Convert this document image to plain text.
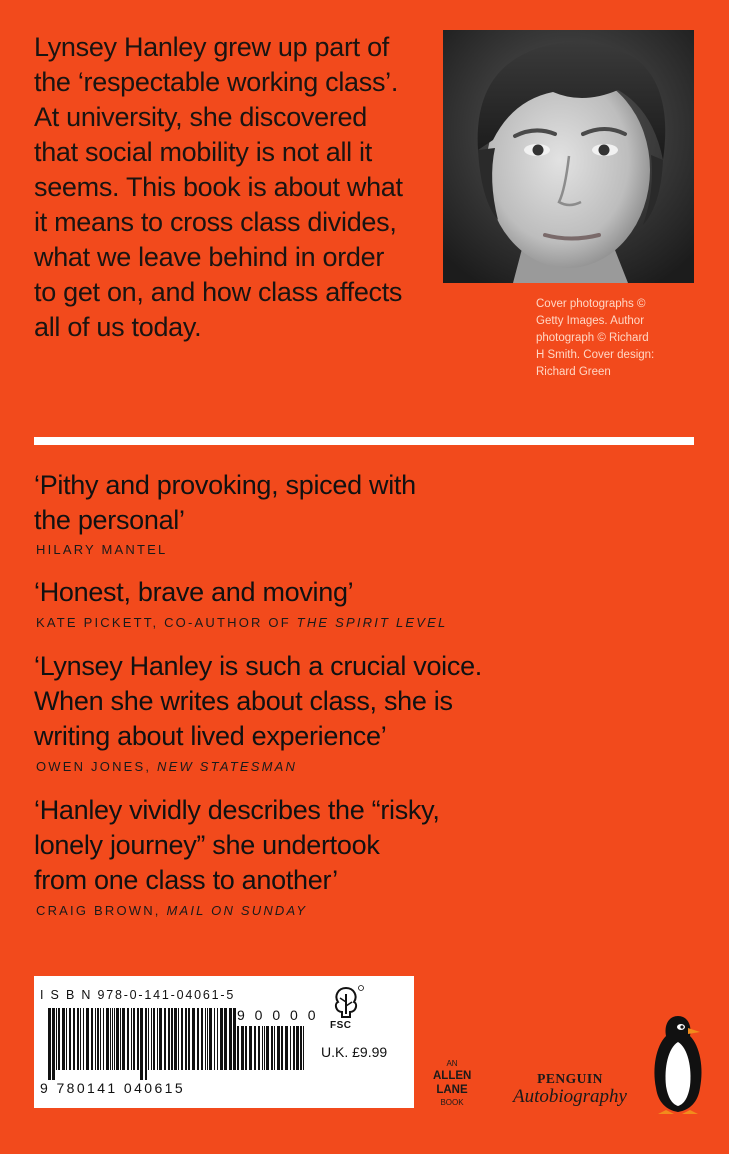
Lynsey Hanley grew up part of
the ‘respectable working class’.
At university, she discovered
that social mobility is not all it
seems. This book is about what
it means to cross class divides,
what we leave behind in order
to get on, and how class affects
all of us today.
Cover photographs ©
Getty Images. Author
photograph © Richard
H Smith. Cover design:
Richard Green
‘Pithy and provoking, spiced with
the personal’
HILARY MANTEL
‘Honest, brave and moving’
KATE PICKETT, CO-AUTHOR OF THE SPIRIT LEVEL
‘Lynsey Hanley is such a crucial voice.
When she writes about class, she is
writing about lived experience’
OWEN JONES, NEW STATESMAN
‘Hanley vividly describes the “risky,
lonely journey” she undertook
from one class to another’
CRAIG BROWN, MAIL ON SUNDAY
I S B N 978-0-141-04061-5
9 0 0 0 0
9 780141 040615
FSC
U.K. £9.99
AN
ALLEN
LANE
BOOK
PENGUIN
Autobiography
